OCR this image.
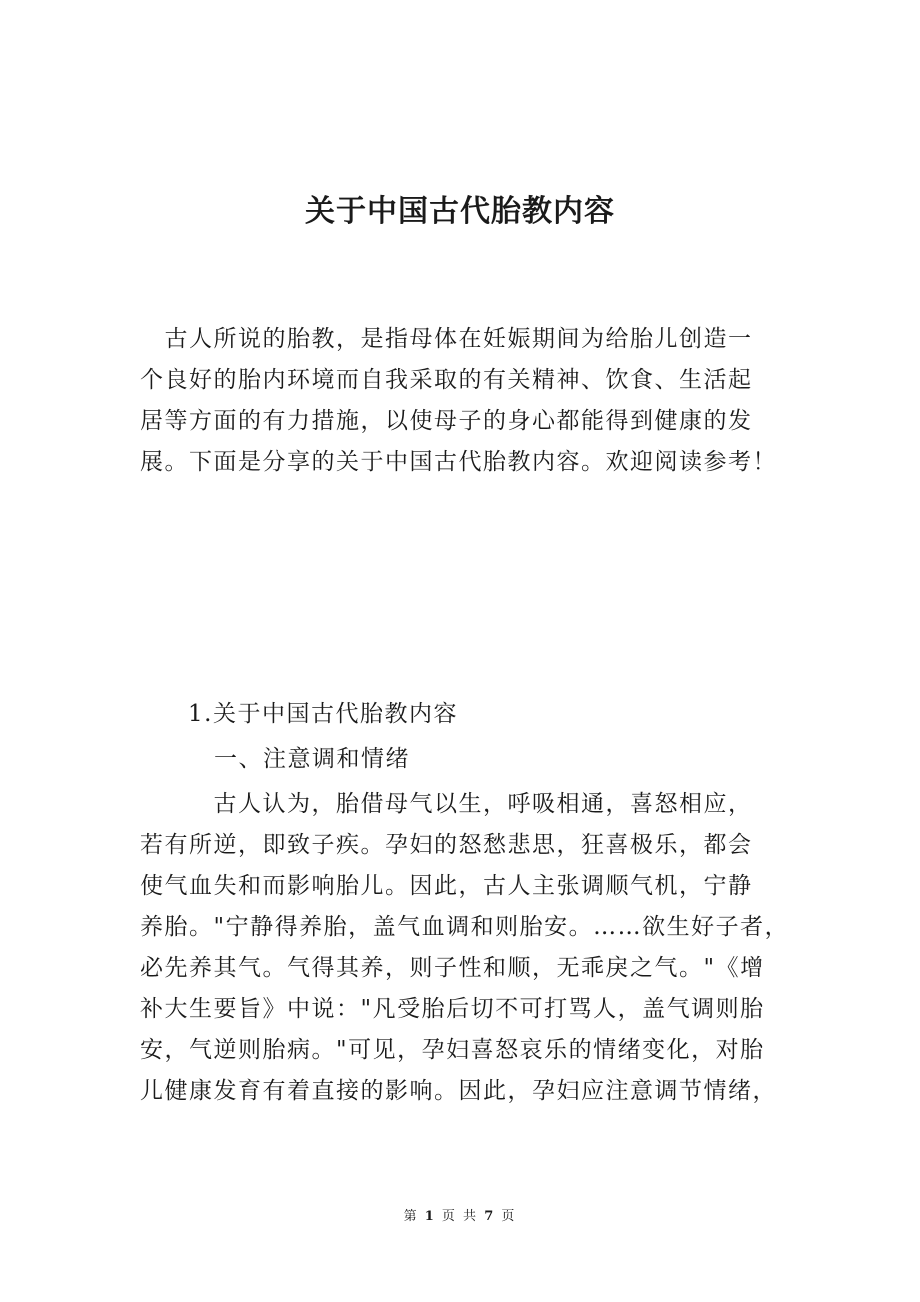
关于中国古代胎教内容
　古人所说的胎教，是指母体在妊娠期间为给胎儿创造一
个良好的胎内环境而自我采取的有关精神、饮食、生活起
居等方面的有力措施，以使母子的身心都能得到健康的发
展。下面是分享的关于中国古代胎教内容。欢迎阅读参考！
1.关于中国古代胎教内容
一、注意调和情绪
　　　古人认为，胎借母气以生，呼吸相通，喜怒相应，
若有所逆，即致子疾。孕妇的怒愁悲思，狂喜极乐，都会
使气血失和而影响胎儿。因此，古人主张调顺气机，宁静
养胎。"宁静得养胎，盖气血调和则胎安。……欲生好子者，
必先养其气。气得其养，则子性和顺，无乖戾之气。"《增
补大生要旨》中说："凡受胎后切不可打骂人，盖气调则胎
安，气逆则胎病。"可见，孕妇喜怒哀乐的情绪变化，对胎
儿健康发育有着直接的影响。因此，孕妇应注意调节情绪，
第 1 页 共 7 页
